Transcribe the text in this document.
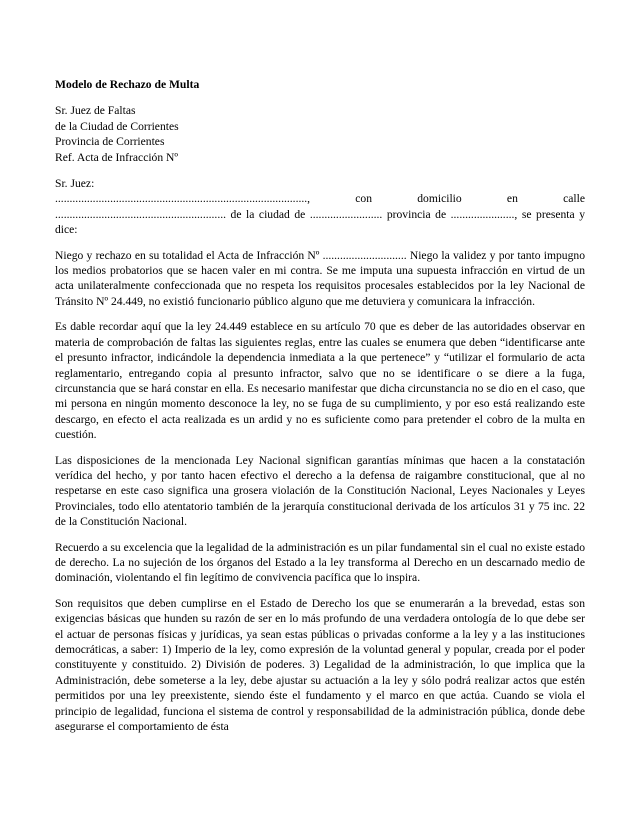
Modelo de Rechazo de Multa
Sr. Juez de Faltas
de la Ciudad de Corrientes
Provincia de Corrientes
Ref. Acta de Infracción Nº

Sr. Juez:

.......................................................................................,	con	domicilio	en	calle

........................................................... de la ciudad de ......................... provincia de ......................, se presenta y dice:

Niego y rechazo en su totalidad el Acta de Infracción Nº ............................. Niego la validez y por tanto impugno los medios probatorios que se hacen valer en mi contra. Se me imputa una supuesta infracción en virtud de un acta unilateralmente confeccionada que no respeta los requisitos procesales establecidos por la ley Nacional de Tránsito Nº 24.449, no existió funcionario público alguno que me detuviera y comunicara la infracción.
Es dable recordar aquí que la ley 24.449 establece en su artículo 70 que es deber de las autoridades observar en materia de comprobación de faltas las siguientes reglas, entre las cuales se enumera que deben “identificarse ante el presunto infractor, indicándole la dependencia inmediata a la que pertenece” y “utilizar el formulario de acta reglamentario, entregando copia al presunto infractor, salvo que no se identificare o se diere a la fuga, circunstancia que se hará constar en ella. Es necesario manifestar que dicha circunstancia no se dio en el caso, que mi persona en ningún momento desconoce la ley, no se fuga de su cumplimiento, y por eso está realizando este descargo, en efecto el acta realizada es un ardid y no es suficiente como para pretender el cobro de la multa en cuestión.
Las disposiciones de la mencionada Ley Nacional significan garantías mínimas que hacen a la constatación verídica del hecho, y por tanto hacen efectivo el derecho a la defensa de raigambre constitucional, que al no respetarse en este caso significa una grosera violación de la Constitución Nacional, Leyes Nacionales y Leyes Provinciales, todo ello atentatorio también de la jerarquía constitucional derivada de los artículos 31 y 75 inc. 22 de la Constitución Nacional.
Recuerdo a su excelencia que la legalidad de la administración es un pilar fundamental sin el cual no existe estado de derecho. La no sujeción de los órganos del Estado a la ley transforma al Derecho en un descarnado medio de dominación, violentando el fin legítimo de convivencia pacífica que lo inspira.
Son requisitos que deben cumplirse en el Estado de Derecho los que se enumerarán a la brevedad, estas son exigencias básicas que hunden su razón de ser en lo más profundo de una verdadera ontología de lo que debe ser el actuar de personas físicas y jurídicas, ya sean estas públicas o privadas conforme a la ley y a las instituciones democráticas, a saber: 1) Imperio de la ley, como expresión de la voluntad general y popular, creada por el poder constituyente y constituido. 2) División de poderes. 3) Legalidad de la administración, lo que implica que la Administración, debe someterse a la ley, debe ajustar su actuación a la ley y sólo podrá realizar actos que estén permitidos por una ley preexistente, siendo éste el fundamento y el marco en que actúa. Cuando se viola el principio de legalidad, funciona el sistema de control y responsabilidad de la administración pública, donde debe asegurarse el comportamiento de ésta
